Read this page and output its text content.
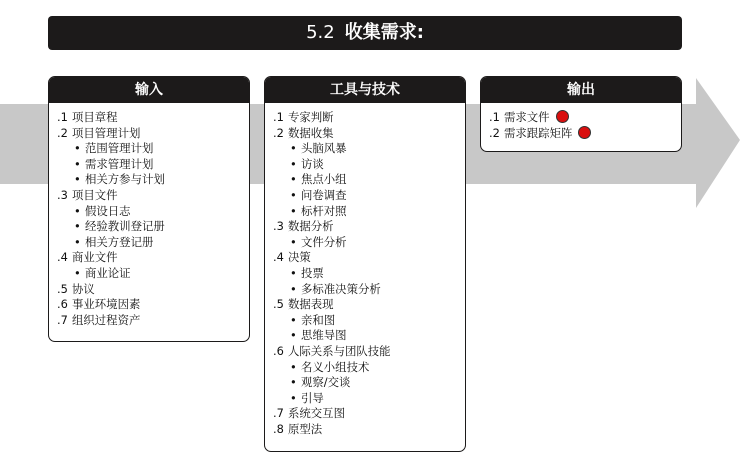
5.2 收集需求:
输入
.1 项目章程
.2 项目管理计划
• 范围管理计划
• 需求管理计划
• 相关方参与计划
.3 项目文件
• 假设日志
• 经验教训登记册
• 相关方登记册
.4 商业文件
• 商业论证
.5 协议
.6 事业环境因素
.7 组织过程资产
工具与技术
.1 专家判断
.2 数据收集
• 头脑风暴
• 访谈
• 焦点小组
• 问卷调查
• 标杆对照
.3 数据分析
• 文件分析
.4 决策
• 投票
• 多标准决策分析
.5 数据表现
• 亲和图
• 思维导图
.6 人际关系与团队技能
• 名义小组技术
• 观察/交谈
• 引导
.7 系统交互图
.8 原型法
输出
.1 需求文件
.2 需求跟踪矩阵
